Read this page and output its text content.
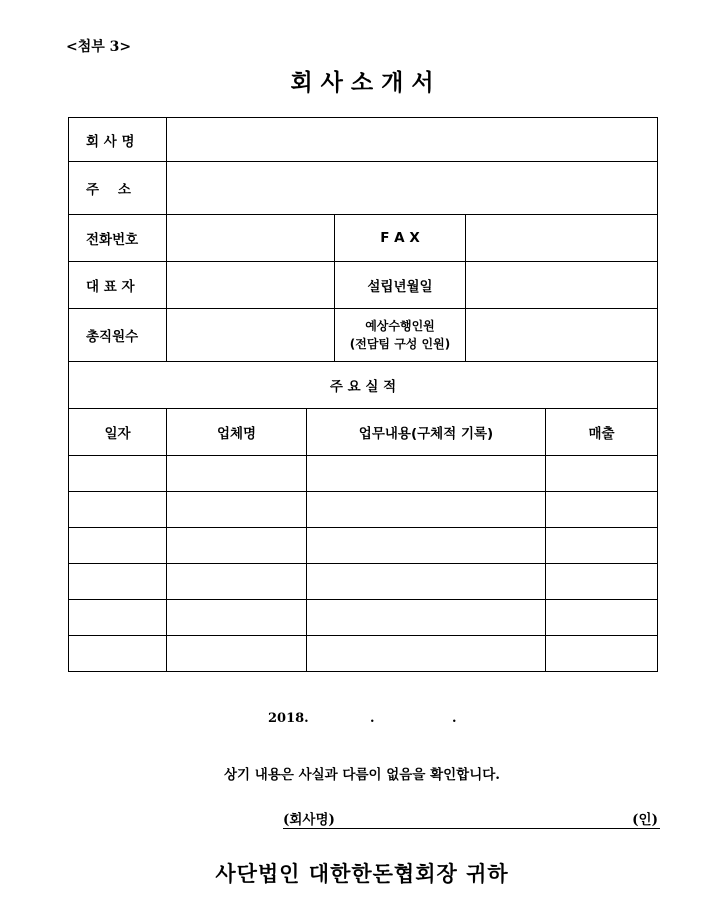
<첨부 3>
회 사 소 개 서
회 사 명					
주    소					
전화번호			F A X		
대 표 자			설립년월일		
총직원수			예상수행인원
(전담팀 구성 인원)		

주 요 실 적					
일자	업체명	업무내용(구체적 기록)			매출

2018.	.	.
상기 내용은 사실과 다름이 없음을 확인합니다.
(회사명)	(인)
사단법인 대한한돈협회장 귀하
